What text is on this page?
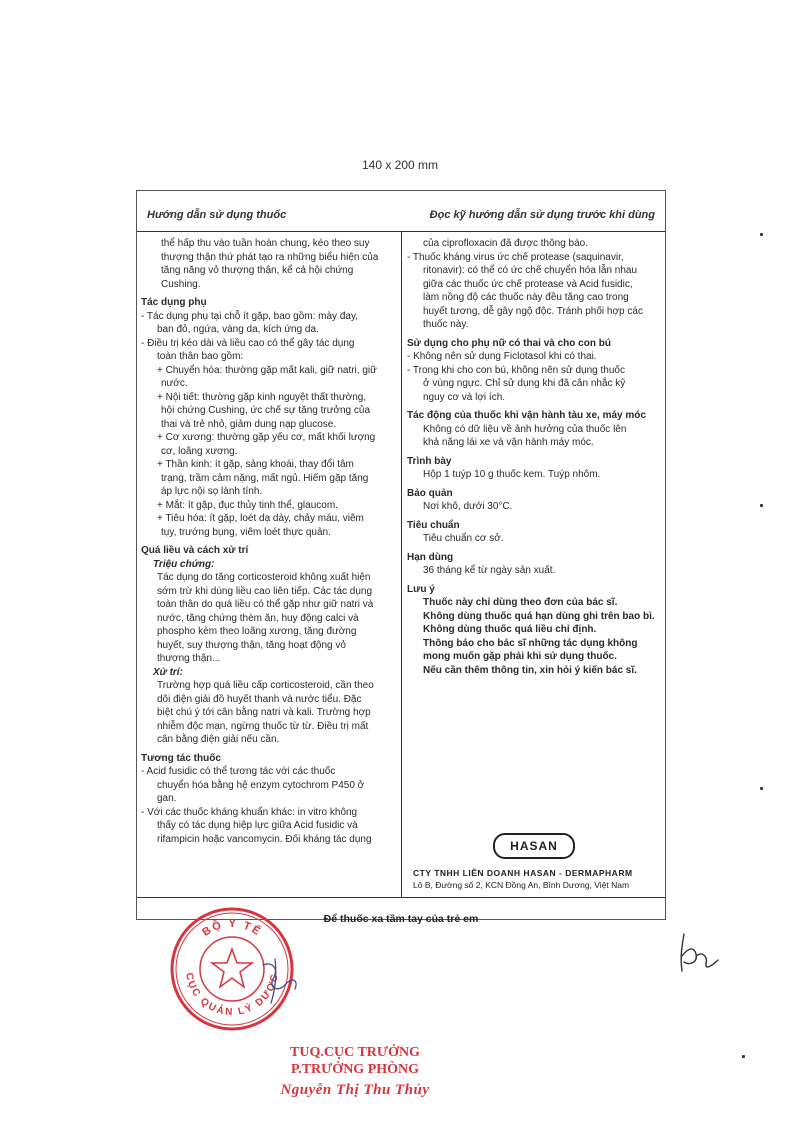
140 x 200 mm
Hướng dẫn sử dụng thuốc	Đọc kỹ hướng dẫn sử dụng trước khi dùng

thể hấp thu vào tuần hoàn chung, kéo theo suy

thượng thận thứ phát tạo ra những biểu hiện của

tăng năng vỏ thượng thận, kể cả hội chứng

Cushing.

Tác dụng phụ

- Tác dụng phụ tại chỗ ít gặp, bao gồm: mày đay,

ban đỏ, ngứa, vàng da, kích ứng da.

- Điều trị kéo dài và liều cao có thể gây tác dụng

toàn thân bao gồm:

+ Chuyển hóa: thường gặp mất kali, giữ natri, giữ

nước.

+ Nội tiết: thường gặp kinh nguyệt thất thường,

hội chứng Cushing, ức chế sự tăng trưởng của

thai và trẻ nhỏ, giảm dung nạp glucose.

+ Cơ xương: thường gặp yếu cơ, mất khối lượng

cơ, loãng xương.

+ Thần kinh: ít gặp, sảng khoái, thay đổi tâm

trạng, trầm cảm nặng, mất ngủ. Hiếm gặp tăng

áp lực nội sọ lành tính.

+ Mắt: ít gặp, đục thủy tinh thể, glaucom.

+ Tiêu hóa: ít gặp, loét dạ dày, chảy máu, viêm

tụy, trướng bụng, viêm loét thực quản.

Quá liều và cách xử trí

Triệu chứng:

Tác dụng do tăng corticosteroid không xuất hiện

sớm trừ khi dùng liều cao liên tiếp. Các tác dụng

toàn thân do quá liều có thể gặp như giữ natri và

nước, tăng chứng thèm ăn, huy động calci và

phospho kèm theo loãng xương, tăng đường

huyết, suy thượng thận, tăng hoạt động vỏ

thượng thận...

Xử trí:

Trường hợp quá liều cấp corticosteroid, cần theo

dõi điện giải đồ huyết thanh và nước tiểu. Đặc

biệt chú ý tới cân bằng natri và kali. Trường hợp

nhiễm độc mạn, ngừng thuốc từ từ. Điều trị mất

cân bằng điện giải nếu cần.

Tương tác thuốc

- Acid fusidic có thể tương tác với các thuốc

chuyển hóa bằng hệ enzym cytochrom P450 ở

gan.

- Với các thuốc kháng khuẩn khác: in vitro không

thấy có tác dụng hiệp lực giữa Acid fusidic và

rifampicin hoặc vancomycin. Đối kháng tác dụng

của ciprofloxacin đã được thông báo.

- Thuốc kháng virus ức chế protease (saquinavir,

ritonavir): có thể có ức chế chuyển hóa lẫn nhau

giữa các thuốc ức chế protease và Acid fusidic,

làm nồng độ các thuốc này đều tăng cao trong

huyết tương, dễ gây ngộ độc. Tránh phối hợp các

thuốc này.

Sử dụng cho phụ nữ có thai và cho con bú

- Không nên sử dụng Ficlotasol khi có thai.

- Trong khi cho con bú, không nên sử dụng thuốc

ở vùng ngực. Chỉ sử dụng khi đã cân nhắc kỹ

nguy cơ và lợi ích.

Tác động của thuốc khi vận hành tàu xe, máy móc

Không có dữ liệu về ảnh hưởng của thuốc lên

khả năng lái xe và vận hành máy móc.

Trình bày

Hộp 1 tuýp 10 g thuốc kem. Tuýp nhôm.

Bảo quản

Nơi khô, dưới 30°C.

Tiêu chuẩn

Tiêu chuẩn cơ sở.

Hạn dùng

36 tháng kể từ ngày sản xuất.

Lưu ý

Thuốc này chỉ dùng theo đơn của bác sĩ.

Không dùng thuốc quá hạn dùng ghi trên bao bì.

Không dùng thuốc quá liều chỉ định.

Thông báo cho bác sĩ những tác dụng không

mong muốn gặp phải khi sử dụng thuốc.

Nếu cần thêm thông tin, xin hỏi ý kiến bác sĩ.

HASAN
CTY TNHH LIÊN DOANH HASAN - DERMAPHARM
Lô B, Đường số 2, KCN Đồng An, Bình Dương, Việt Nam
Để thuốc xa tầm tay của trẻ em
BỘ Y TẾ
CỤC QUẢN LÝ DƯỢC
TUQ.CỤC TRƯỞNG
P.TRƯỞNG PHÒNG
Nguyễn Thị Thu Thủy
